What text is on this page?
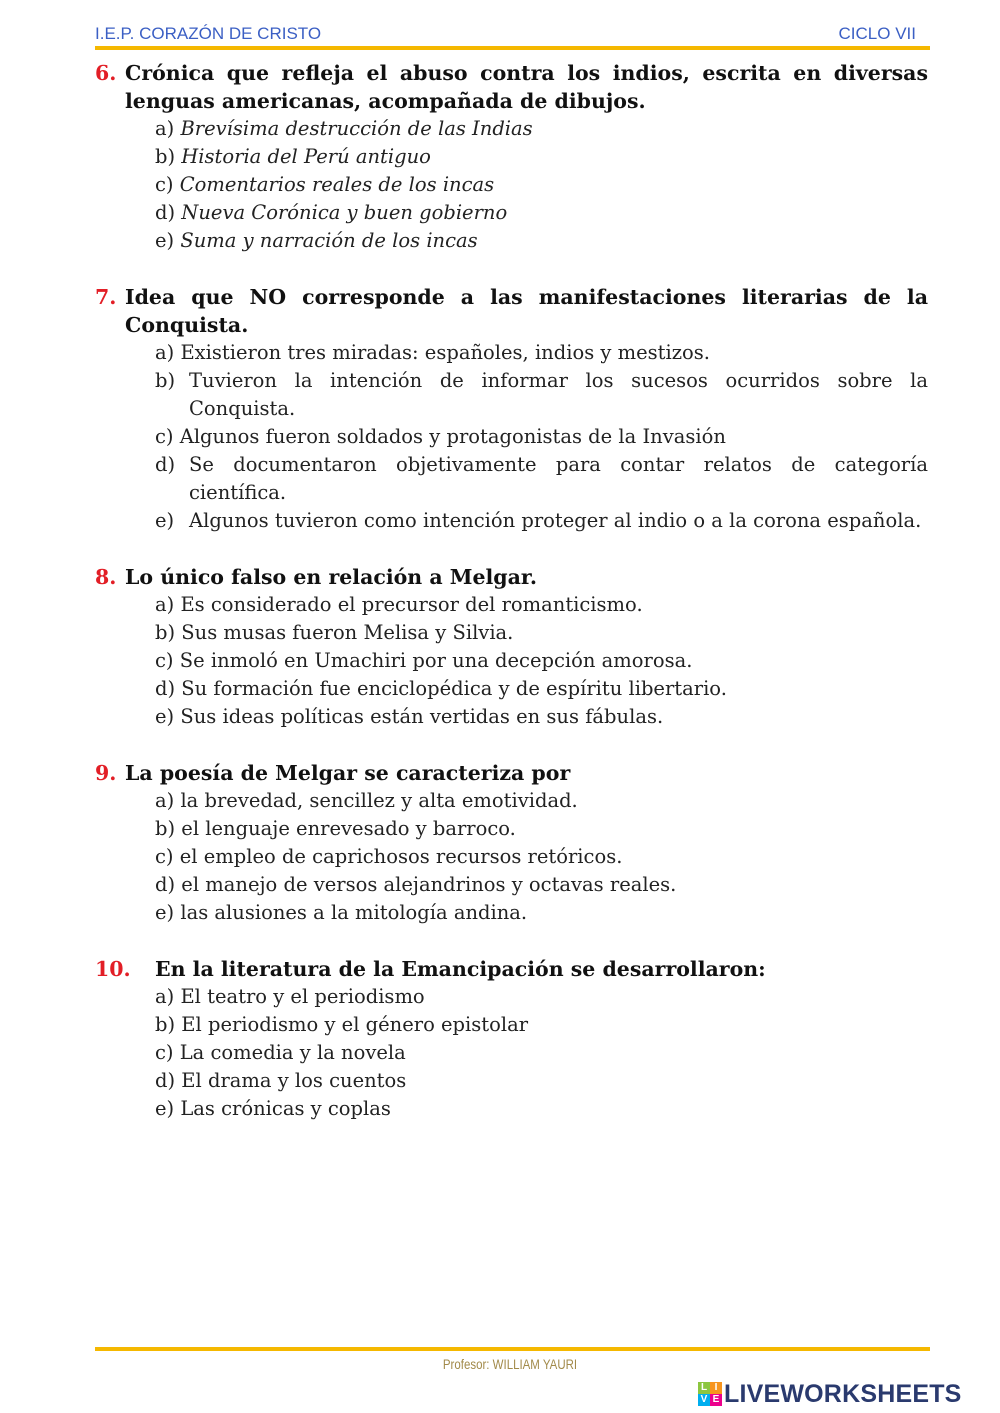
I.E.P. CORAZÓN DE CRISTO	CICLO VII
6. Crónica que refleja el abuso contra los indios, escrita en diversas lenguas americanas, acompañada de dibujos.
a) Brevísima destrucción de las Indias
b) Historia del Perú antiguo
c) Comentarios reales de los incas
d) Nueva Corónica y buen gobierno
e) Suma y narración de los incas
7. Idea que NO corresponde a las manifestaciones literarias de la Conquista.
a) Existieron tres miradas: españoles, indios y mestizos.
b) Tuvieron la intención de informar los sucesos ocurridos sobre la Conquista.
c) Algunos fueron soldados y protagonistas de la Invasión
d) Se documentaron objetivamente para contar relatos de categoría científica.
e) Algunos tuvieron como intención proteger al indio o a la corona española.
8. Lo único falso en relación a Melgar.
a) Es considerado el precursor del romanticismo.
b) Sus musas fueron Melisa y Silvia.
c) Se inmoló en Umachiri por una decepción amorosa.
d) Su formación fue enciclopédica y de espíritu libertario.
e) Sus ideas políticas están vertidas en sus fábulas.
9. La poesía de Melgar se caracteriza por
a) la brevedad, sencillez y alta emotividad.
b) el lenguaje enrevesado y barroco.
c) el empleo de caprichosos recursos retóricos.
d) el manejo de versos alejandrinos y octavas reales.
e) las alusiones a la mitología andina.
10. En la literatura de la Emancipación se desarrollaron:
a) El teatro y el periodismo
b) El periodismo y el género epistolar
c) La comedia y la novela
d) El drama y los cuentos
e) Las crónicas y coplas
Profesor: WILLIAM YAURI
L I
V E LIVEWORKSHEETS
